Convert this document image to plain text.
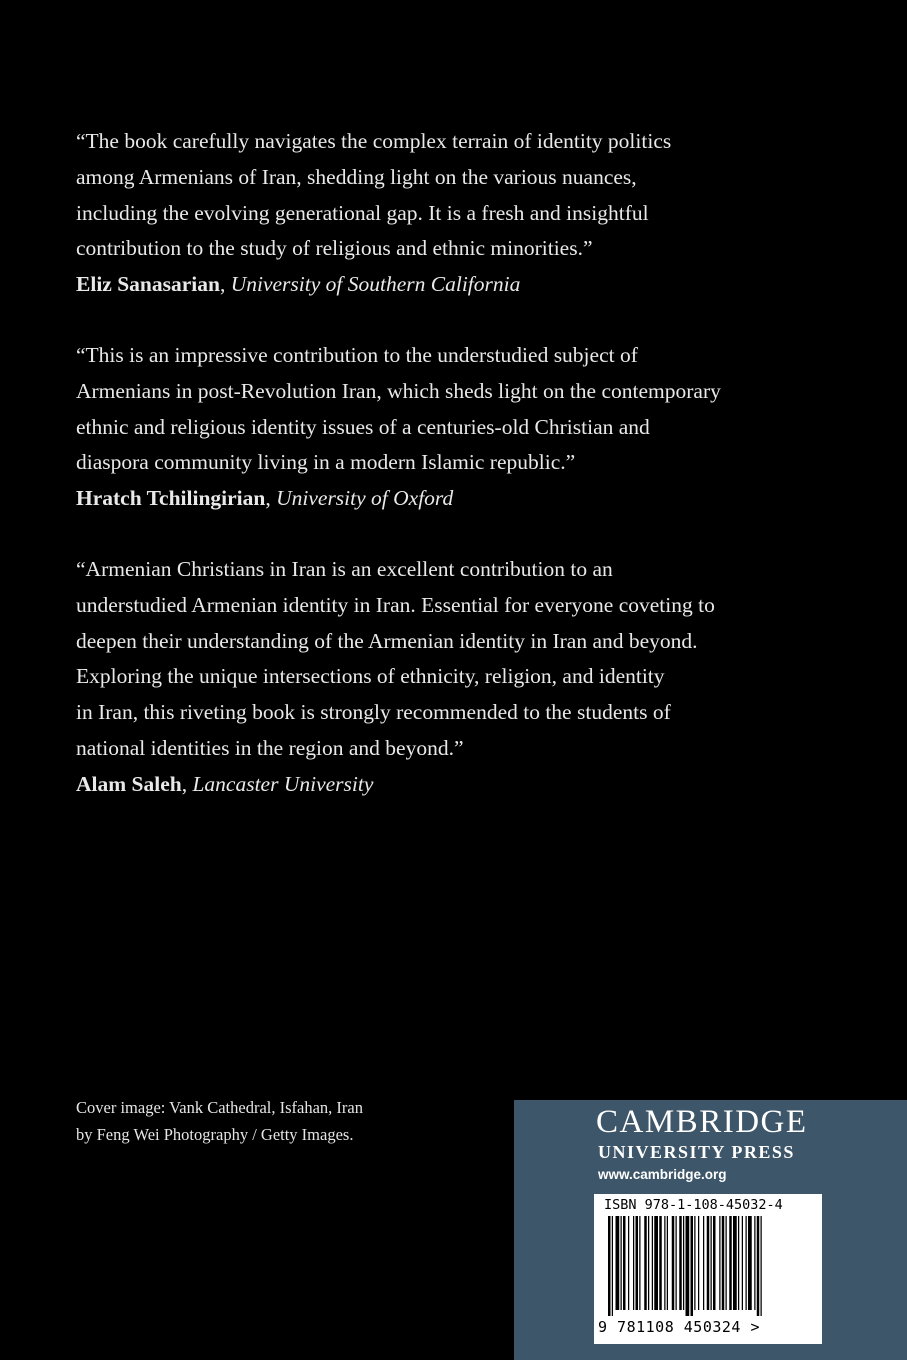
“The book carefully navigates the complex terrain of identity politics
among Armenians of Iran, shedding light on the various nuances,
including the evolving generational gap. It is a fresh and insightful
contribution to the study of religious and ethnic minorities.”
Eliz Sanasarian, University of Southern California

“This is an impressive contribution to the understudied subject of
Armenians in post-Revolution Iran, which sheds light on the contemporary
ethnic and religious identity issues of a centuries-old Christian and
diaspora community living in a modern Islamic republic.”
Hratch Tchilingirian, University of Oxford

“Armenian Christians in Iran is an excellent contribution to an
understudied Armenian identity in Iran. Essential for everyone coveting to
deepen their understanding of the Armenian identity in Iran and beyond.
Exploring the unique intersections of ethnicity, religion, and identity
in Iran, this riveting book is strongly recommended to the students of
national identities in the region and beyond.”
Alam Saleh, Lancaster University

Cover image: Vank Cathedral, Isfahan, Iran
by Feng Wei Photography / Getty Images.	CAMBRIDGE
UNIVERSITY PRESS
www.cambridge.org
ISBN 978-1-108-45032-4
9 781108 450324 >
